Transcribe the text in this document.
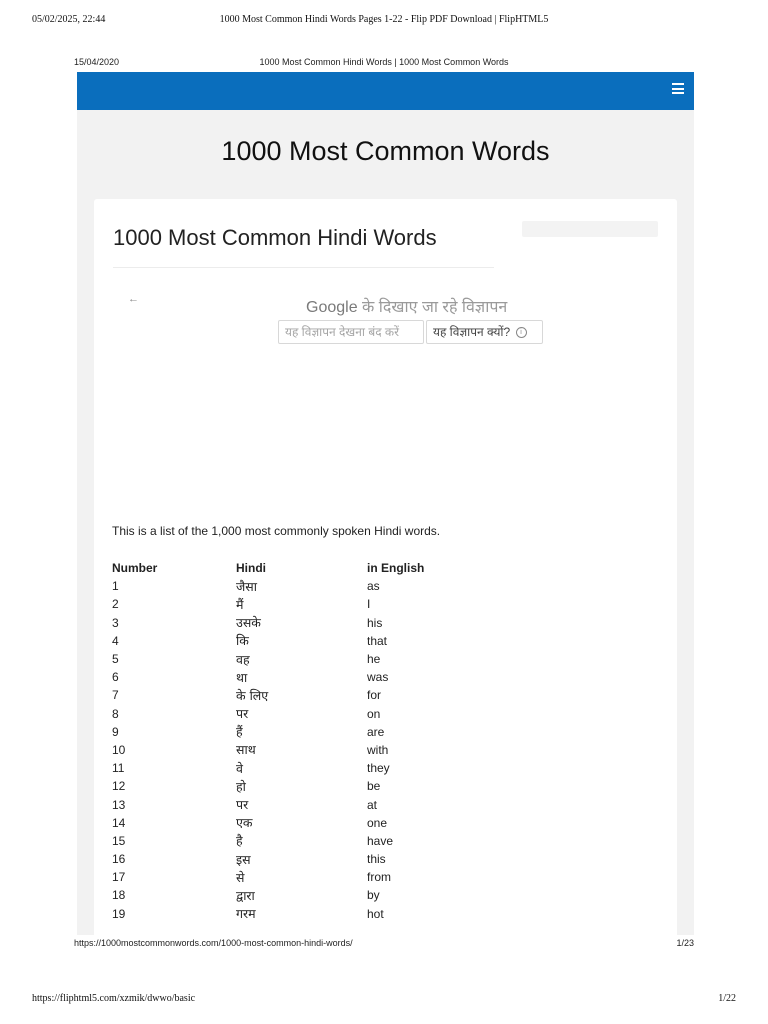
05/02/2025, 22:44	1000 Most Common Hindi Words Pages 1-22 - Flip PDF Download | FlipHTML5
15/04/2020	1000 Most Common Hindi Words | 1000 Most Common Words
1000 Most Common Words
1000 Most Common Hindi Words
←	Google के दिखाए जा रहे विज्ञापन
यह विज्ञापन देखना बंद करें	यह विज्ञापन क्यों? i
This is a list of the 1,000 most commonly spoken Hindi words.
Number	Hindi	in English
1	जैसा	as
2	मैं	I
3	उसके	his
4	कि	that
5	वह	he
6	था	was
7	के लिए	for
8	पर	on
9	हैं	are
10	साथ	with
11	वे	they
12	हो	be
13	पर	at
14	एक	one
15	है	have
16	इस	this
17	से	from
18	द्वारा	by
19	गरम	hot
https://1000mostcommonwords.com/1000-most-common-hindi-words/	1/23
https://fliphtml5.com/xzmik/dwwo/basic	1/22
